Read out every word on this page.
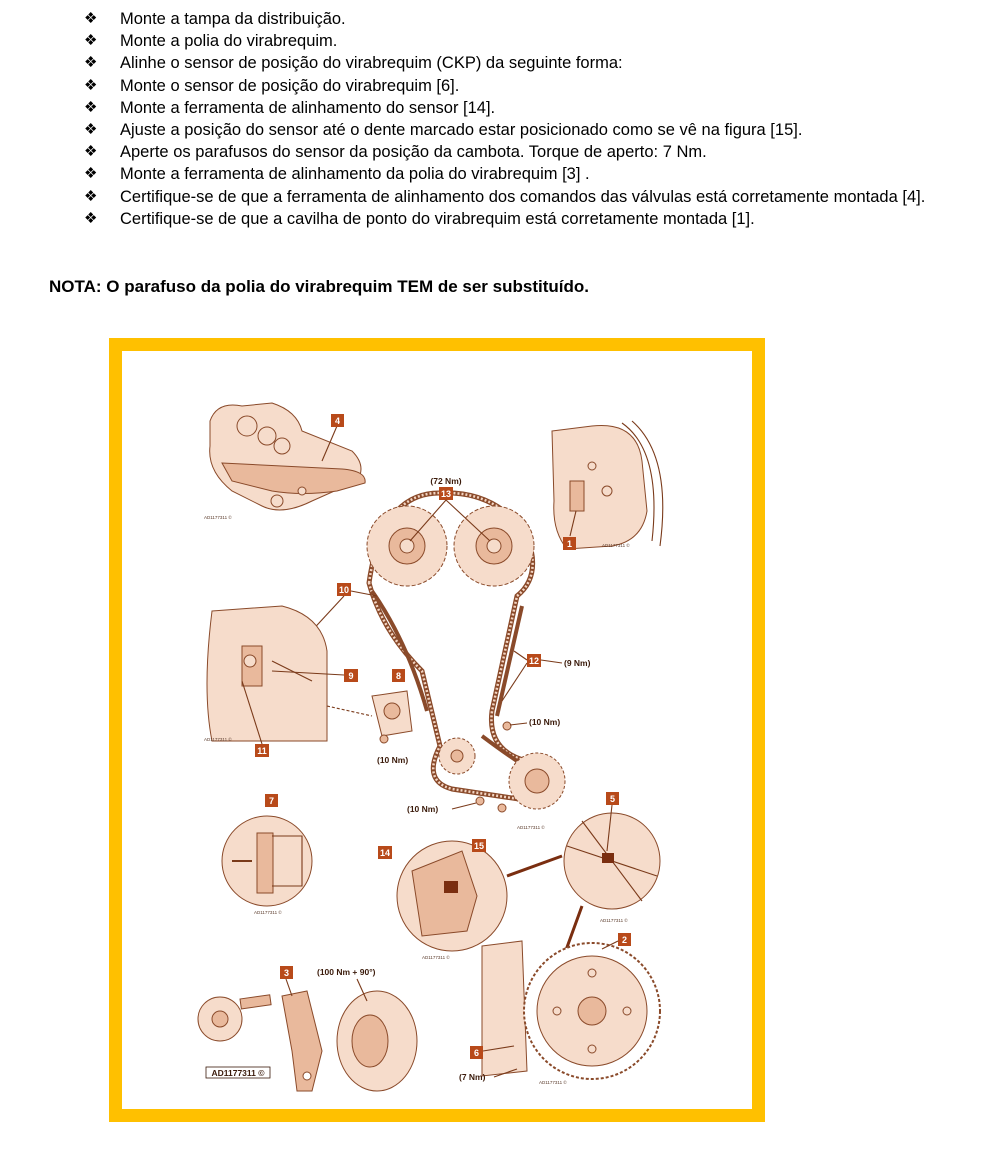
❖	Monte a tampa da distribuição.
❖	Monte a polia do virabrequim.
❖	Alinhe o sensor de posição do virabrequim (CKP) da seguinte forma:
❖	Monte o sensor de posição do virabrequim [6].
❖	Monte a ferramenta de alinhamento do sensor [14].
❖	Ajuste a posição do sensor até o dente marcado estar posicionado como se vê na figura [15].
❖	Aperte os parafusos do sensor da posição da cambota. Torque de aperto: 7 Nm.
❖	Monte a ferramenta de alinhamento da polia do virabrequim [3] .
❖	Certifique-se de que a ferramenta de alinhamento dos comandos das válvulas está corretamente montada [4].
❖	Certifique-se de que a cavilha de ponto do virabrequim está corretamente montada [1].
NOTA: O parafuso da polia do virabrequim TEM de ser substituído.
4
AD1177311 ©
1	AD1177311 ©
13
(72 Nm)
10
12	(9 Nm)
(10 Nm)
(10 Nm)
AD1177311 ©
9
11
AD1177311 ©
8
(10 Nm)
7
AD1177311 ©
14
15
AD1177311 ©
5
AD1177311 ©
2
6
(7 Nm)
AD1177311 ©
3	(100 Nm + 90°)
AD1177311 ©
